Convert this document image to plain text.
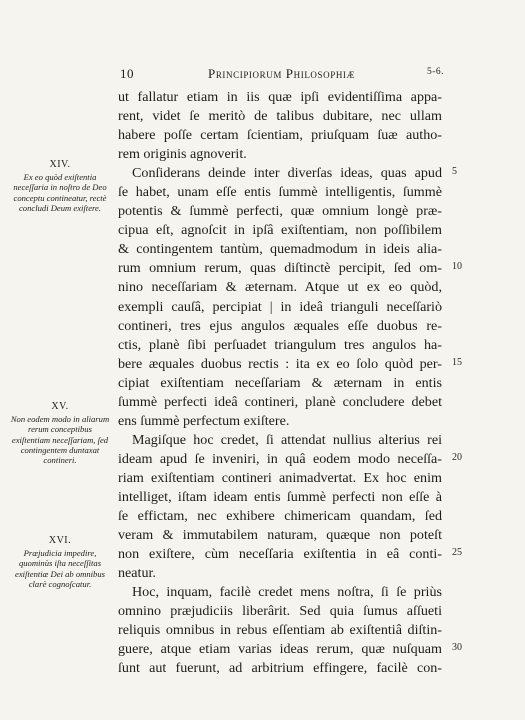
10	Principiorum Philosophiæ	5-6.
XIV.
Ex eo quòd exiſtentia neceſſaria in noſtro de Deo conceptu contineatur, rectè concludi Deum exiſtere.
XV.
Non eodem modo in aliarum rerum conceptibus exiſtentiam neceſſariam, ſed contingentem duntaxat contineri.
XVI.
Præjudicia impedire, quominùs iſta neceſſitas exiſtentiæ Dei ab omnibus clarè cognoſcatur.
ut fallatur etiam in iis quæ ipſi evidentiſſima appa-
rent, videt ſe meritò de talibus dubitare, nec ullam
habere poſſe certam ſcientiam, priuſquam ſuæ autho-
rem originis agnoverit.
Conſiderans deinde inter diverſas ideas, quas apud
ſe habet, unam eſſe entis ſummè intelligentis, ſummè
potentis & ſummè perfecti, quæ omnium longè præ-
cipua eſt, agnoſcit in ipſâ exiſtentiam, non poſſibilem
& contingentem tantùm, quemadmodum in ideis alia-
rum omnium rerum, quas diſtinctè percipit, ſed om-
nino neceſſariam & æternam. Atque ut ex eo quòd,
exempli cauſâ, percipiat | in ideâ trianguli neceſſariò
contineri, tres ejus angulos æquales eſſe duobus re-
ctis, planè ſibi perſuadet triangulum tres angulos ha-
bere æquales duobus rectis : ita ex eo ſolo quòd per-
cipiat exiſtentiam neceſſariam & æternam in entis
ſummè perfecti ideâ contineri, planè concludere debet
ens ſummè perfectum exiſtere.
Magiſque hoc credet, ſi attendat nullius alterius rei
ideam apud ſe inveniri, in quâ eodem modo neceſſa-
riam exiſtentiam contineri animadvertat. Ex hoc enim
intelliget, iſtam ideam entis ſummè perfecti non eſſe à
ſe effictam, nec exhibere chimericam quandam, ſed
veram & immutabilem naturam, quæque non poteſt
non exiſtere, cùm neceſſaria exiſtentia in eâ conti-
neatur.
Hoc, inquam, facilè credet mens noſtra, ſi ſe priùs
omnino præjudiciis liberârit. Sed quia ſumus aſſueti
reliquis omnibus in rebus eſſentiam ab exiſtentiâ diſtin-
guere, atque etiam varias ideas rerum, quæ nuſquam
ſunt aut fuerunt, ad arbitrium effingere, facilè con-
5
10
15
20
25
30
